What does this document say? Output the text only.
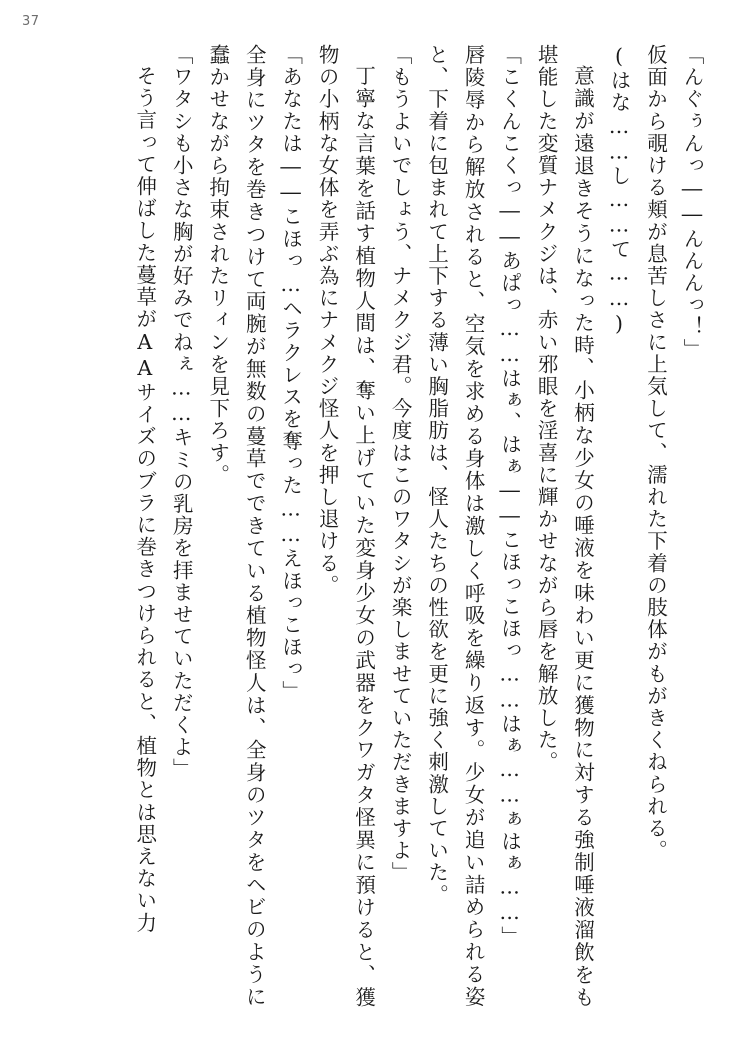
37

「んぐぅんっ――んんんっ！」

仮面から覗ける頬が息苦しさに上気して、濡れた下着の肢体がもがきくねられる。

(はな……し……て……)

意識が遠退きそうになった時、小柄な少女の唾液を味わい更に獲物に対する強制唾液溜飲をも堪能した変質ナメクジは、赤い邪眼を淫喜に輝かせながら唇を解放した。

「こくんこくっ――あぱっ……はぁ、はぁ――こほっこほっ……はぁ……ぁはぁ……」

唇陵辱から解放されると、空気を求める身体は激しく呼吸を繰り返す。少女が追い詰められる姿と、下着に包まれて上下する薄い胸脂肪は、怪人たちの性欲を更に強く刺激していた。

「もうよいでしょう、ナメクジ君。今度はこのワタシが楽しませていただきますよ」

丁寧な言葉を話す植物人間は、奪い上げていた変身少女の武器をクワガタ怪異に預けると、獲物の小柄な女体を弄ぶ為にナメクジ怪人を押し退ける。

「あなたは――こほっ…ヘラクレスを奪った……えほっこほっ」

全身にツタを巻きつけて両腕が無数の蔓草でできている植物怪人は、全身のツタをヘビのように蠢かせながら拘束されたリィンを見下ろす。

「ワタシも小さな胸が好みでねぇ……キミの乳房を拝ませていただくよ」

そう言って伸ばした蔓草がAAサイズのブラに巻きつけられると、植物とは思えない力
